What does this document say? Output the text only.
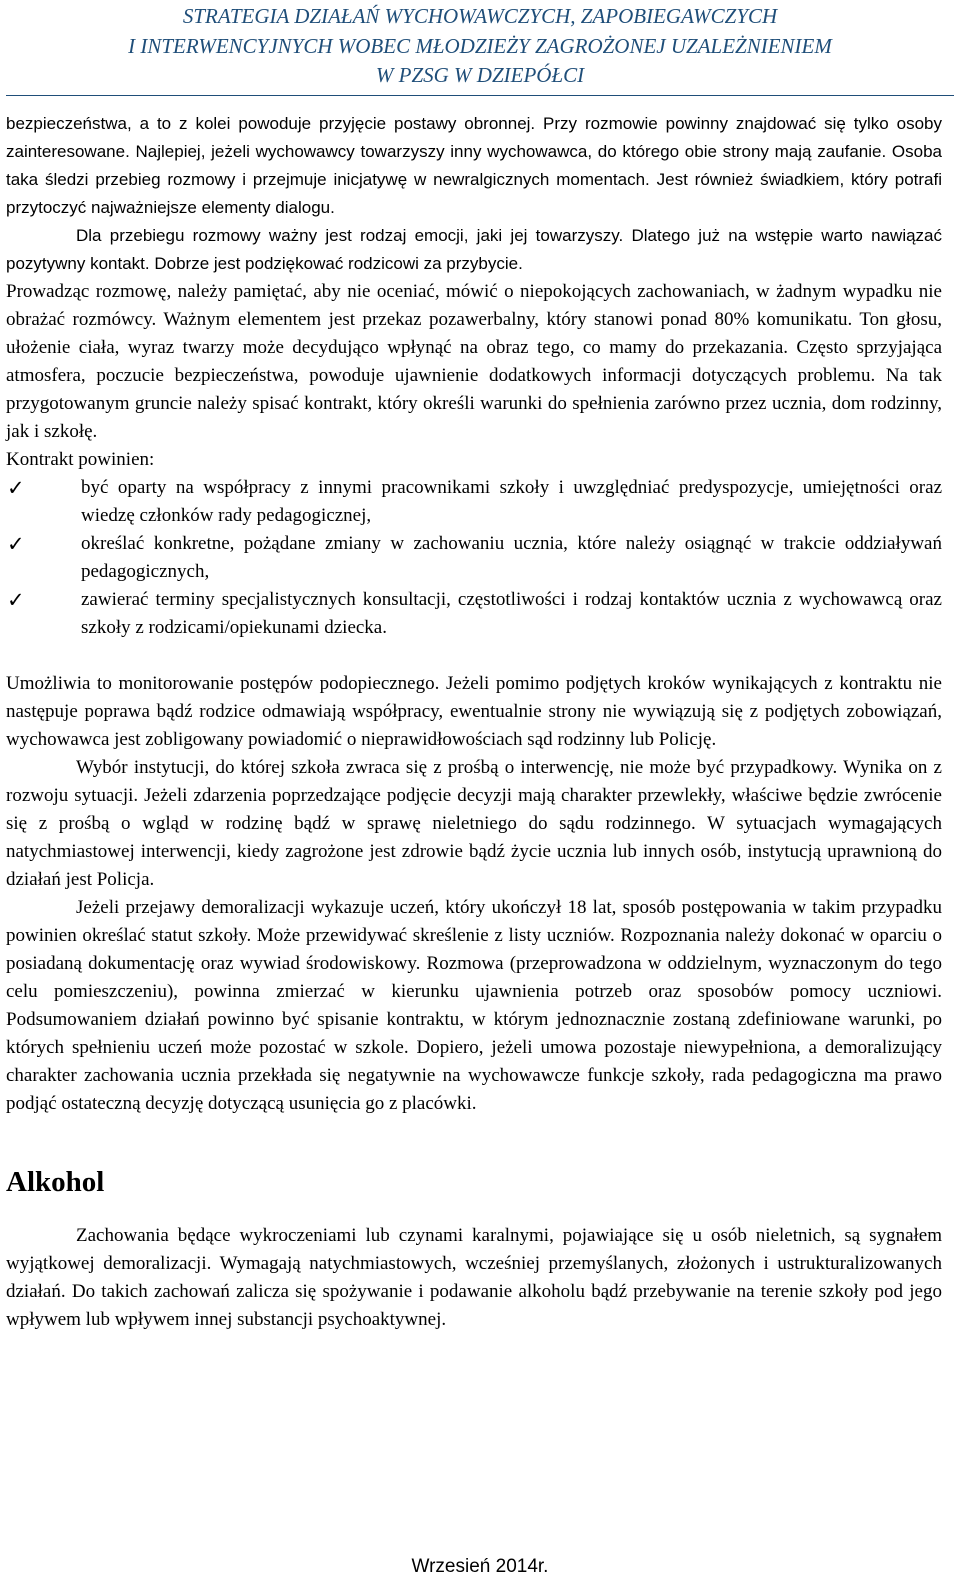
STRATEGIA DZIAŁAŃ WYCHOWAWCZYCH, ZAPOBIEGAWCZYCH
I INTERWENCYJNYCH WOBEC MŁODZIEŻY ZAGROŻONEJ UZALEŻNIENIEM
W PZSG W DZIEPÓŁCI

bezpieczeństwa, a to z kolei powoduje przyjęcie postawy obronnej. Przy rozmowie powinny znajdować się tylko osoby zainteresowane. Najlepiej, jeżeli wychowawcy towarzyszy inny wychowawca, do którego obie strony mają zaufanie. Osoba taka śledzi przebieg rozmowy i przejmuje inicjatywę w newralgicznych momentach. Jest również świadkiem, który potrafi przytoczyć najważniejsze elementy dialogu.

Dla przebiegu rozmowy ważny jest rodzaj emocji, jaki jej towarzyszy. Dlatego już na wstępie warto nawiązać pozytywny kontakt. Dobrze jest podziękować rodzicowi za przybycie.

Prowadząc rozmowę, należy pamiętać, aby nie oceniać, mówić o niepokojących zachowaniach, w żadnym wypadku nie obrażać rozmówcy. Ważnym elementem jest przekaz pozawerbalny, który stanowi ponad 80% komunikatu. Ton głosu, ułożenie ciała, wyraz twarzy może decydująco wpłynąć na obraz tego, co mamy do przekazania. Często sprzyjająca atmosfera, poczucie bezpieczeństwa, powoduje ujawnienie dodatkowych informacji dotyczących problemu. Na tak przygotowanym gruncie należy spisać kontrakt, który określi warunki do spełnienia zarówno przez ucznia, dom rodzinny, jak i szkołę.

Kontrakt powinien:

✓	być oparty na współpracy z innymi pracownikami szkoły i uwzględniać predyspozycje, umiejętności oraz wiedzę członków rady pedagogicznej,
✓	określać konkretne, pożądane zmiany w zachowaniu ucznia, które należy osiągnąć w trakcie oddziaływań pedagogicznych,
✓	zawierać terminy specjalistycznych konsultacji, częstotliwości i rodzaj kontaktów ucznia z wychowawcą oraz szkoły z rodzicami/opiekunami dziecka.

Umożliwia to monitorowanie postępów podopiecznego. Jeżeli pomimo podjętych kroków wynikających z kontraktu nie następuje poprawa bądź rodzice odmawiają współpracy, ewentualnie strony nie wywiązują się z podjętych zobowiązań, wychowawca jest zobligowany powiadomić o nieprawidłowościach sąd rodzinny lub Policję.

Wybór instytucji, do której szkoła zwraca się z prośbą o interwencję, nie może być przypadkowy. Wynika on z rozwoju sytuacji. Jeżeli zdarzenia poprzedzające podjęcie decyzji mają charakter przewlekły, właściwe będzie zwrócenie się z prośbą o wgląd w rodzinę bądź w sprawę nieletniego do sądu rodzinnego. W sytuacjach wymagających natychmiastowej interwencji, kiedy zagrożone jest zdrowie bądź życie ucznia lub innych osób, instytucją uprawnioną do działań jest Policja.

Jeżeli przejawy demoralizacji wykazuje uczeń, który ukończył 18 lat, sposób postępowania w takim przypadku powinien określać statut szkoły. Może przewidywać skreślenie z listy uczniów. Rozpoznania należy dokonać w oparciu o posiadaną dokumentację oraz wywiad środowiskowy. Rozmowa (przeprowadzona w oddzielnym, wyznaczonym do tego celu pomieszczeniu), powinna zmierzać w kierunku ujawnienia potrzeb oraz sposobów pomocy uczniowi. Podsumowaniem działań powinno być spisanie kontraktu, w którym jednoznacznie zostaną zdefiniowane warunki, po których spełnieniu uczeń może pozostać w szkole. Dopiero, jeżeli umowa pozostaje niewypełniona, a demoralizujący charakter zachowania ucznia przekłada się negatywnie na wychowawcze funkcje szkoły, rada pedagogiczna ma prawo podjąć ostateczną decyzję dotyczącą usunięcia go z placówki.

Alkohol

Zachowania będące wykroczeniami lub czynami karalnymi, pojawiające się u osób nieletnich, są sygnałem wyjątkowej demoralizacji. Wymagają natychmiastowych, wcześniej przemyślanych, złożonych i ustrukturalizowanych działań. Do takich zachowań zalicza się spożywanie i podawanie alkoholu bądź przebywanie na terenie szkoły pod jego wpływem lub wpływem innej substancji psychoaktywnej.

Wrzesień 2014r.
